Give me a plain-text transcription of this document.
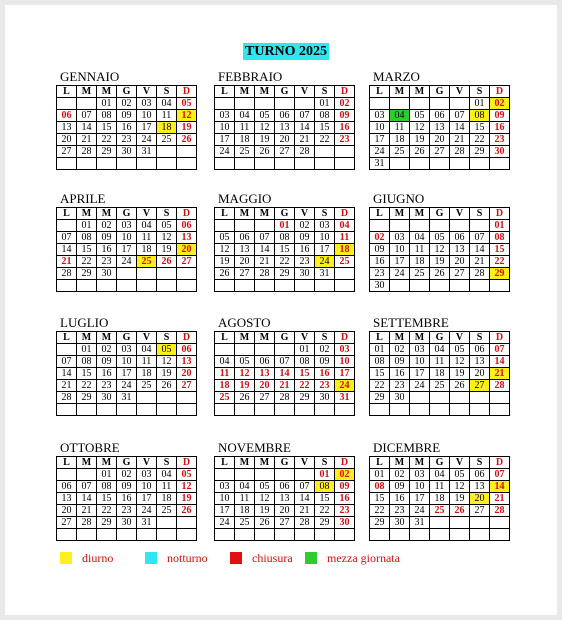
TURNO 2025
GENNAIO
L	M	M	G	V	S	D
		01	02	03	04	05
06	07	08	09	10	11	12
13	14	15	16	17	18	19
20	21	22	23	24	25	26
27	28	29	30	31		

FEBBRAIO
L	M	M	G	V	S	D
					01	02
03	04	05	06	07	08	09
10	11	12	13	14	15	16
17	18	19	20	21	22	23
24	25	26	27	28		

MARZO
L	M	M	G	V	S	D
					01	02
03	04	05	06	07	08	09
10	11	12	13	14	15	16
17	18	19	20	21	22	23
24	25	26	27	28	29	30
31						
APRILE
L	M	M	G	V	S	D
	01	02	03	04	05	06
07	08	09	10	11	12	13
14	15	16	17	18	19	20
21	22	23	24	25	26	27
28	29	30				

MAGGIO
L	M	M	G	V	S	D
			01	02	03	04
05	06	07	08	09	10	11
12	13	14	15	16	17	18
19	20	21	22	23	24	25
26	27	28	29	30	31	

GIUGNO
L	M	M	G	V	S	D
						01
02	03	04	05	06	07	08
09	10	11	12	13	14	15
16	17	18	19	20	21	22
23	24	25	26	27	28	29
30						
LUGLIO
L	M	M	G	V	S	D
	01	02	03	04	05	06
07	08	09	10	11	12	13
14	15	16	17	18	19	20
21	22	23	24	25	26	27
28	29	30	31			

AGOSTO
L	M	M	G	V	S	D
				01	02	03
04	05	06	07	08	09	10
11	12	13	14	15	16	17
18	19	20	21	22	23	24
25	26	27	28	29	30	31

SETTEMBRE
L	M	M	G	V	S	D
01	02	03	04	05	06	07
08	09	10	11	12	13	14
15	16	17	18	19	20	21
22	23	24	25	26	27	28
29	30					

OTTOBRE
L	M	M	G	V	S	D
		01	02	03	04	05
06	07	08	09	10	11	12
13	14	15	16	17	18	19
20	21	22	23	24	25	26
27	28	29	30	31		

NOVEMBRE
L	M	M	G	V	S	D
					01	02
03	04	05	06	07	08	09
10	11	12	13	14	15	16
17	18	19	20	21	22	23
24	25	26	27	28	29	30

DICEMBRE
L	M	M	G	V	S	D
01	02	03	04	05	06	07
08	09	10	11	12	13	14
15	16	17	18	19	20	21
22	23	24	25	26	27	28
29	30	31				

diurno	notturno	chiusura	mezza giornata
